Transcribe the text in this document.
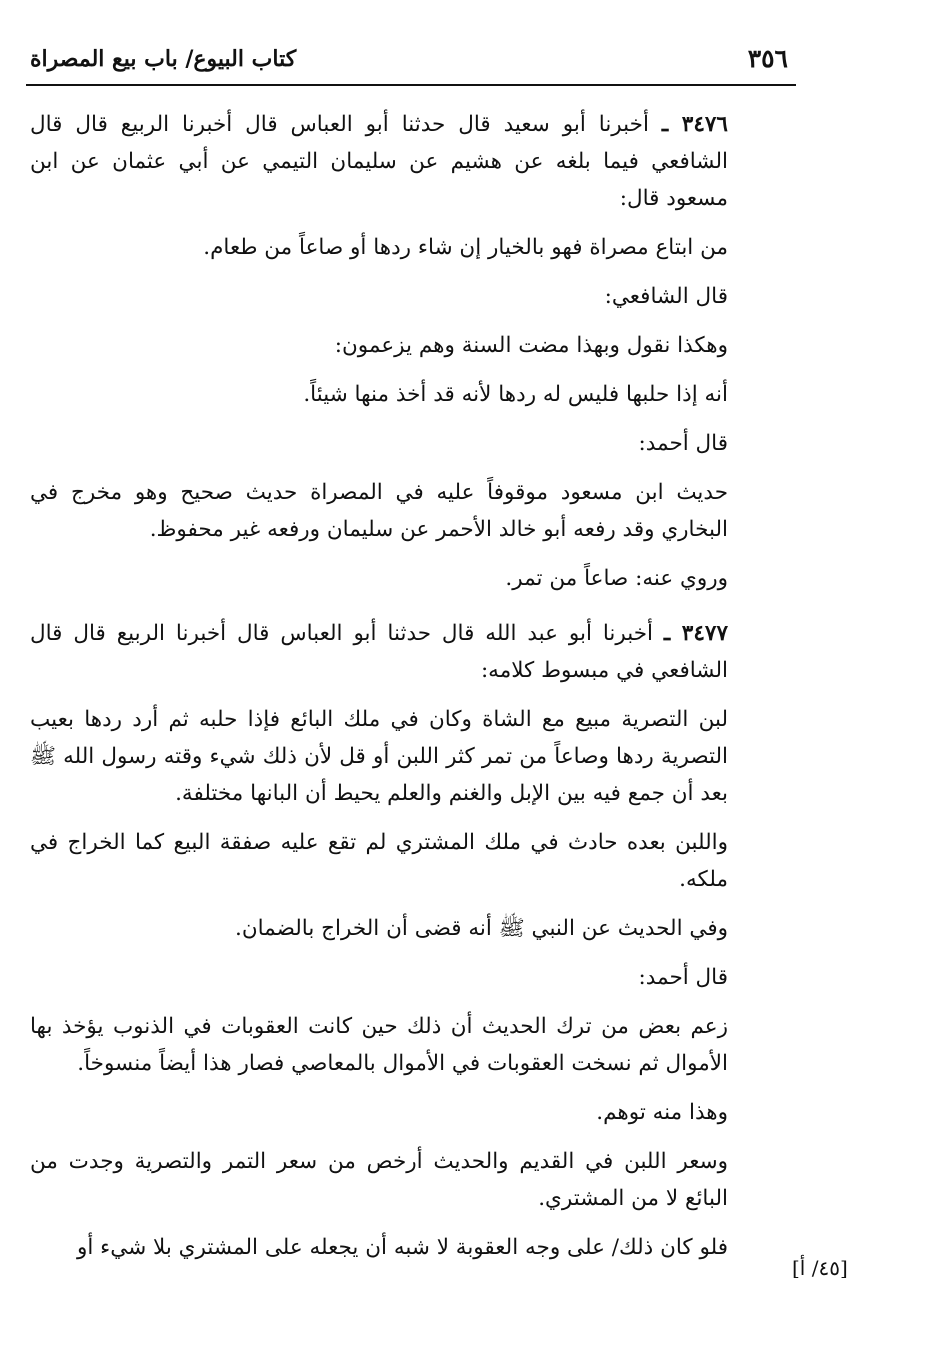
٣٥٦
كتاب البيوع/ باب بيع المصراة

٣٤٧٦ ـ أخبرنا أبو سعيد قال حدثنا أبو العباس قال أخبرنا الربيع قال قال الشافعي فيما بلغه عن هشيم عن سليمان التيمي عن أبي عثمان عن ابن مسعود قال:

من ابتاع مصراة فهو بالخيار إن شاء ردها أو صاعاً من طعام.

قال الشافعي:

وهكذا نقول وبهذا مضت السنة وهم يزعمون:

أنه إذا حلبها فليس له ردها لأنه قد أخذ منها شيئاً.

قال أحمد:

حديث ابن مسعود موقوفاً عليه في المصراة حديث صحيح وهو مخرج في البخاري وقد رفعه أبو خالد الأحمر عن سليمان ورفعه غير محفوظ.

وروي عنه: صاعاً من تمر.

٣٤٧٧ ـ أخبرنا أبو عبد الله قال حدثنا أبو العباس قال أخبرنا الربيع قال قال الشافعي في مبسوط كلامه:

لبن التصرية مبيع مع الشاة وكان في ملك البائع فإذا حلبه ثم أرد ردها بعيب التصرية ردها وصاعاً من تمر كثر اللبن أو قل لأن ذلك شيء وقته رسول الله ﷺ بعد أن جمع فيه بين الإبل والغنم والعلم يحيط أن البانها مختلفة.

واللبن بعده حادث في ملك المشتري لم تقع عليه صفقة البيع كما الخراج في ملكه.

وفي الحديث عن النبي ﷺ أنه قضى أن الخراج بالضمان.

قال أحمد:

زعم بعض من ترك الحديث أن ذلك حين كانت العقوبات في الذنوب يؤخذ بها الأموال ثم نسخت العقوبات في الأموال بالمعاصي فصار هذا أيضاً منسوخاً.

وهذا منه توهم.

وسعر اللبن في القديم والحديث أرخص من سعر التمر والتصرية وجدت من البائع لا من المشتري.

فلو كان ذلك/ على وجه العقوبة لا شبه أن يجعله على المشتري بلا شيء أو

[٤٥/ أ]
